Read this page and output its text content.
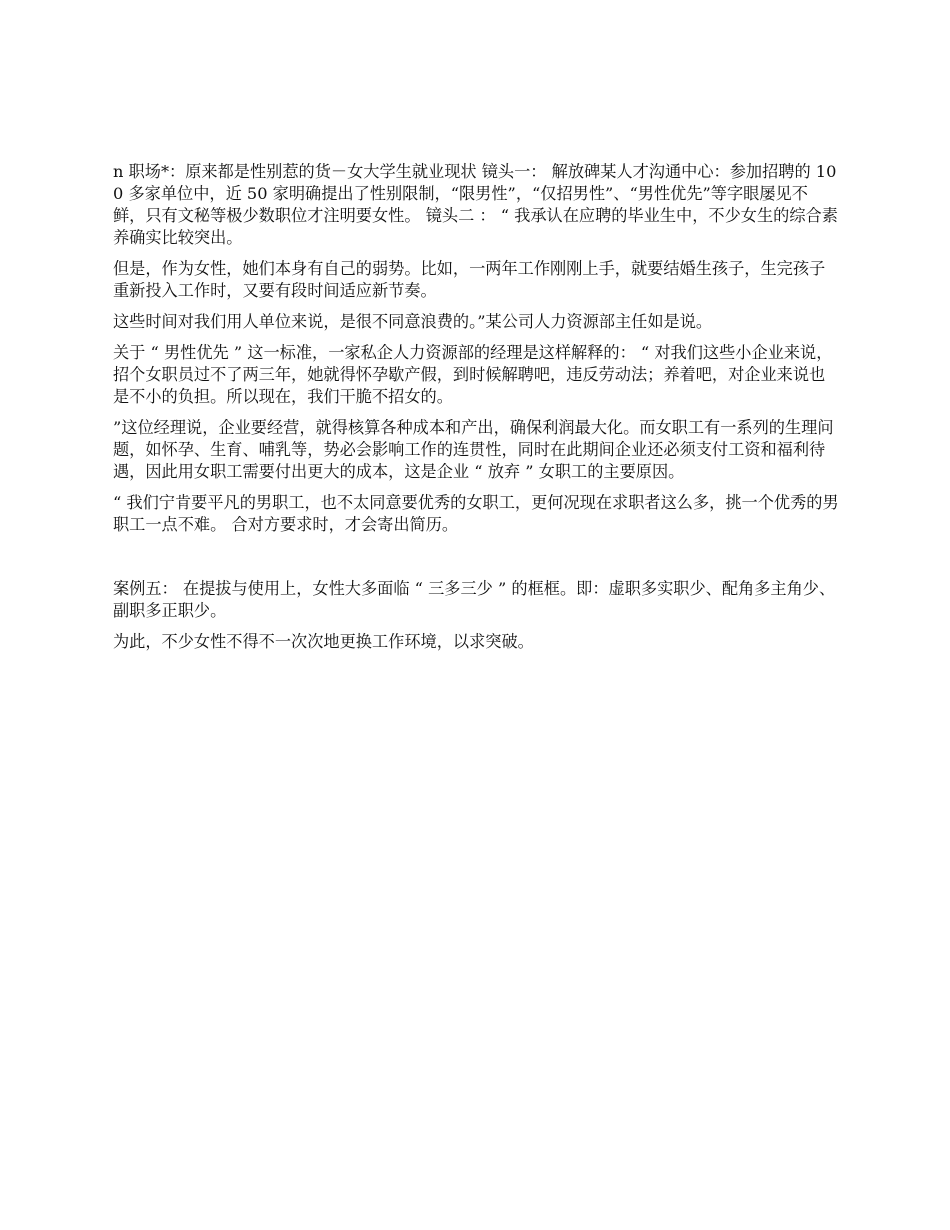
n 职场*：原来都是性别惹的货－女大学生就业现状 镜头一： 解放碑某人才沟通中心：参加招聘的 100 多家单位中，近 50 家明确提出了性别限制，“限男性”，“仅招男性”、“男性优先”等字眼屡见不鲜，只有文秘等极少数职位才注明要女性。 镜头二 ： “ 我承认在应聘的毕业生中，不少女生的综合素养确实比较突出。

但是，作为女性，她们本身有自己的弱势。比如，一两年工作刚刚上手，就要结婚生孩子，生完孩子重新投入工作时，又要有段时间适应新节奏。

这些时间对我们用人单位来说，是很不同意浪费的。”某公司人力资源部主任如是说。

关于 “ 男性优先 ” 这一标准，一家私企人力资源部的经理是这样解释的： “ 对我们这些小企业来说，招个女职员过不了两三年，她就得怀孕歇产假，到时候解聘吧，违反劳动法；养着吧，对企业来说也是不小的负担。所以现在，我们干脆不招女的。

”这位经理说，企业要经营，就得核算各种成本和产出，确保利润最大化。而女职工有一系列的生理问题，如怀孕、生育、哺乳等，势必会影响工作的连贯性，同时在此期间企业还必须支付工资和福利待遇，因此用女职工需要付出更大的成本，这是企业 “ 放弃 ” 女职工的主要原因。

“ 我们宁肯要平凡的男职工，也不太同意要优秀的女职工，更何况现在求职者这么多，挑一个优秀的男职工一点不难。 合对方要求时，才会寄出简历。

案例五： 在提拔与使用上，女性大多面临 “ 三多三少 ” 的框框。即：虚职多实职少、配角多主角少、副职多正职少。

为此，不少女性不得不一次次地更换工作环境，以求突破。
